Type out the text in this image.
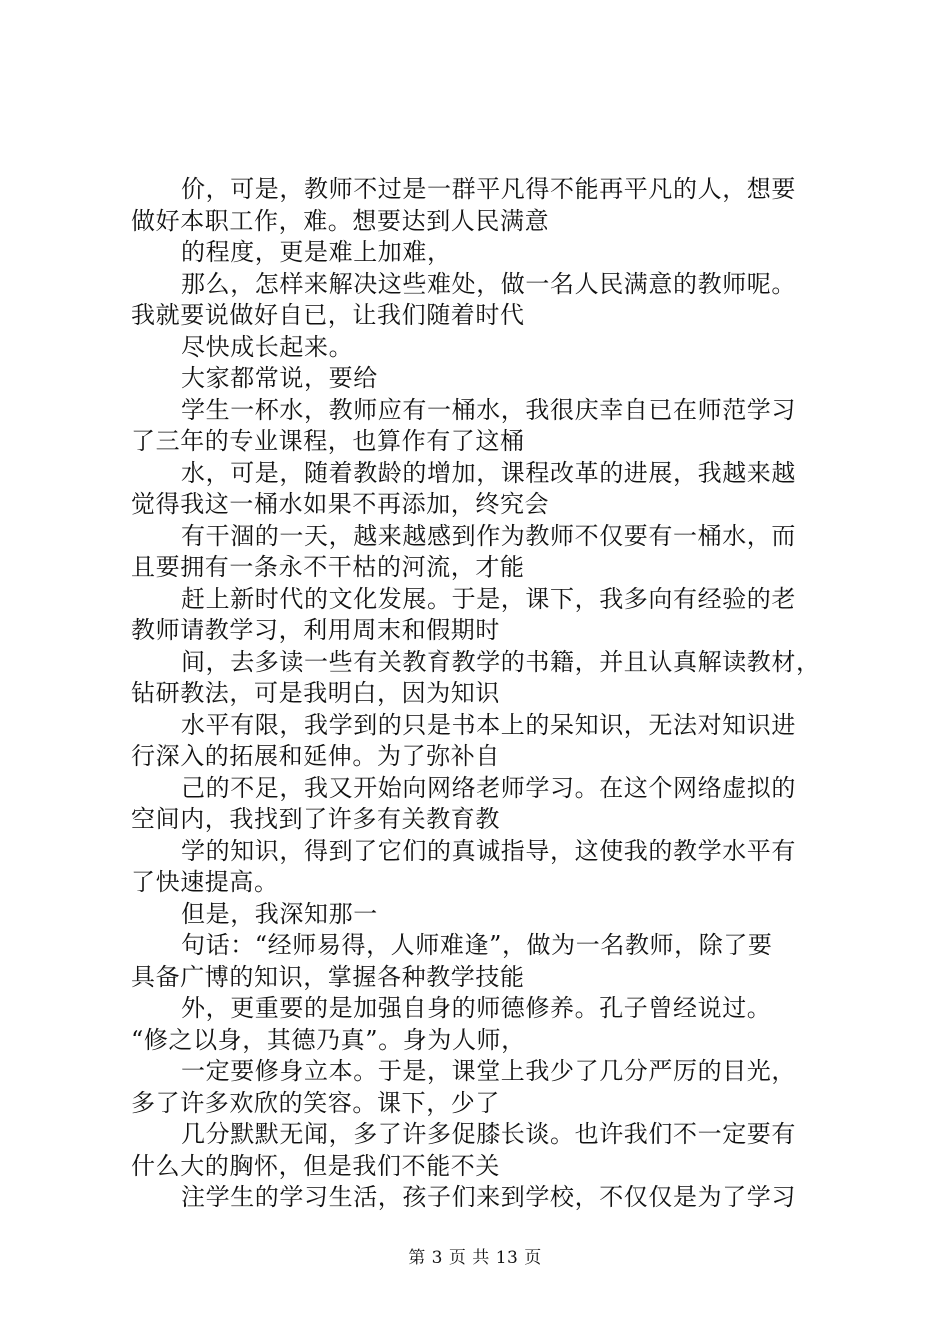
价，可是，教师不过是一群平凡得不能再平凡的人，想要
做好本职工作，难。想要达到人民满意
的程度，更是难上加难，
那么，怎样来解决这些难处，做一名人民满意的教师呢。
我就要说做好自已，让我们随着时代
尽快成长起来。
大家都常说，要给
学生一杯水，教师应有一桶水，我很庆幸自已在师范学习
了三年的专业课程，也算作有了这桶
水，可是，随着教龄的增加，课程改革的进展，我越来越
觉得我这一桶水如果不再添加，终究会
有干涸的一天，越来越感到作为教师不仅要有一桶水，而
且要拥有一条永不干枯的河流，才能
赶上新时代的文化发展。于是，课下，我多向有经验的老
教师请教学习，利用周末和假期时
间，去多读一些有关教育教学的书籍，并且认真解读教材，
钻研教法，可是我明白，因为知识
水平有限，我学到的只是书本上的呆知识，无法对知识进
行深入的拓展和延伸。为了弥补自
己的不足，我又开始向网络老师学习。在这个网络虚拟的
空间内，我找到了许多有关教育教
学的知识，得到了它们的真诚指导，这使我的教学水平有
了快速提高。
但是，我深知那一
句话：“经师易得，人师难逢”，做为一名教师，除了要
具备广博的知识，掌握各种教学技能
外，更重要的是加强自身的师德修养。孔子曾经说过。
“修之以身，其德乃真”。身为人师，
一定要修身立本。于是，课堂上我少了几分严厉的目光，
多了许多欢欣的笑容。课下，少了
几分默默无闻，多了许多促膝长谈。也许我们不一定要有
什么大的胸怀，但是我们不能不关
注学生的学习生活，孩子们来到学校，不仅仅是为了学习
第 3 页 共 13 页
